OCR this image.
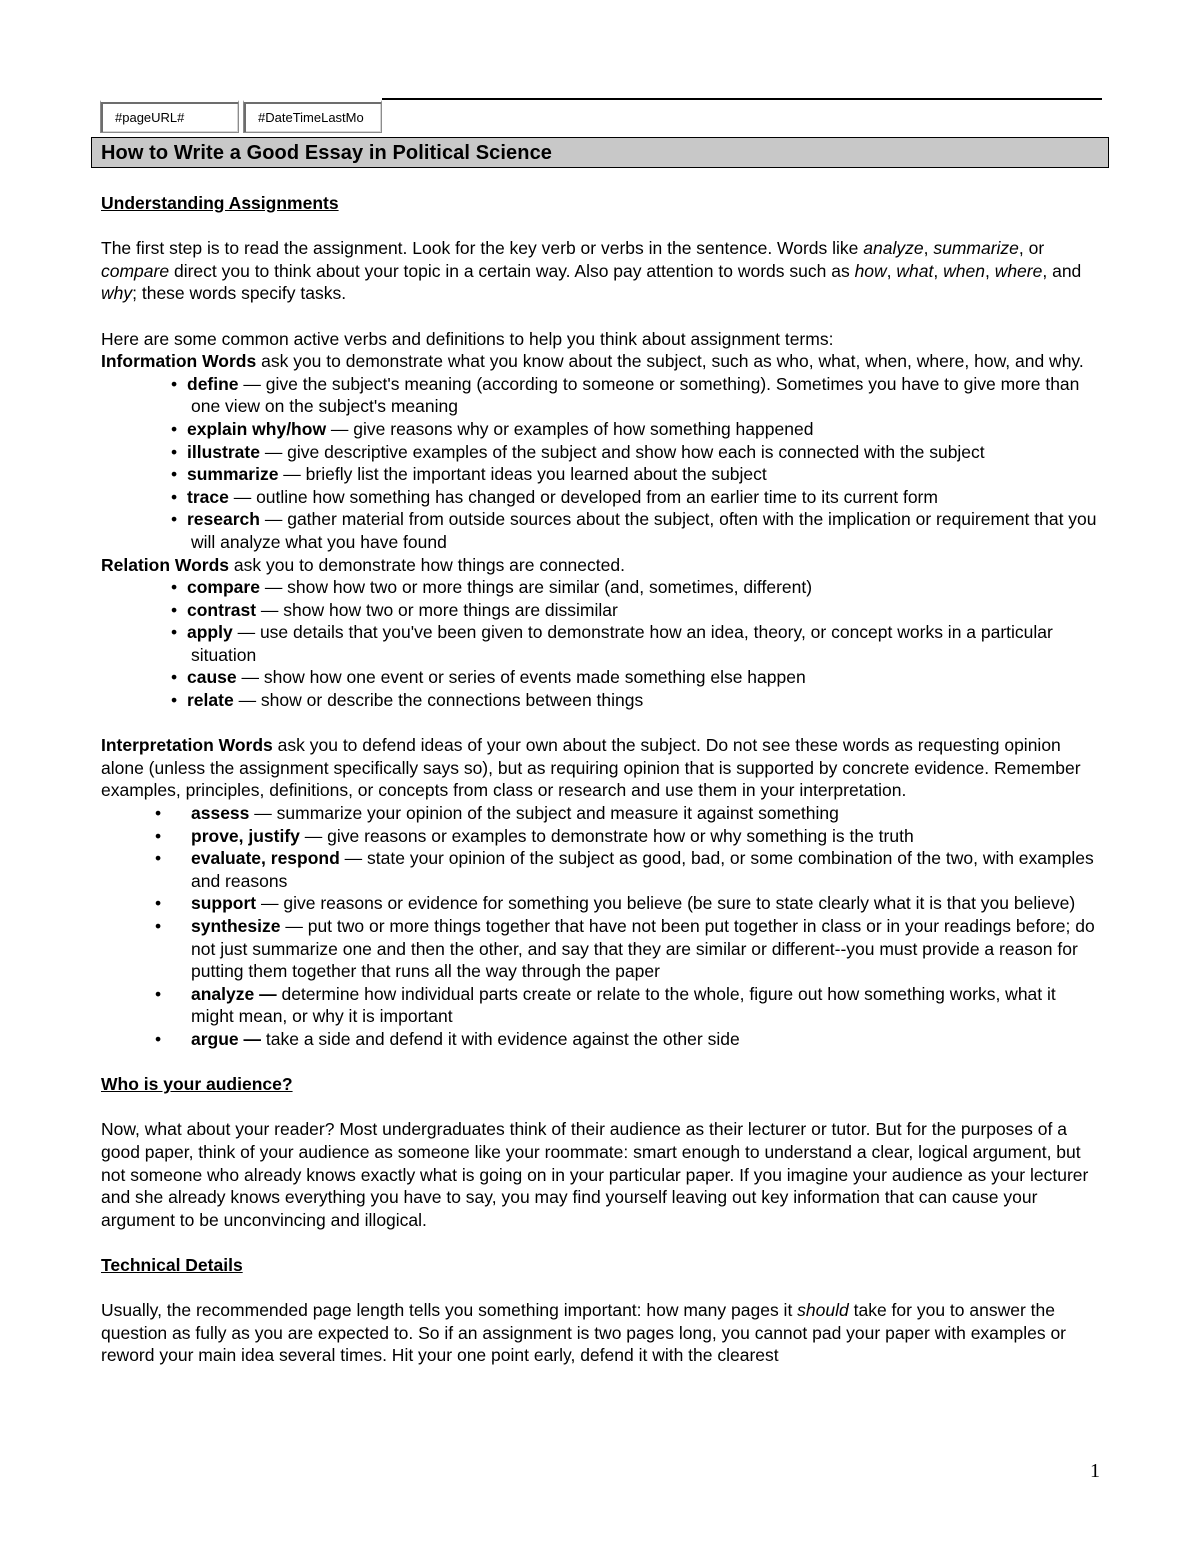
#pageURL#	#DateTimeLastMo
How to Write a Good Essay in Political Science
Understanding Assignments

The first step is to read the assignment. Look for the key verb or verbs in the sentence. Words like analyze, summarize, or compare direct you to think about your topic in a certain way. Also pay attention to words such as how, what, when, where, and why; these words specify tasks.

Here are some common active verbs and definitions to help you think about assignment terms:

Information Words ask you to demonstrate what you know about the subject, such as who, what, when, where, how, and why.

• define — give the subject's meaning (according to someone or something). Sometimes you have to give more than one view on the subject's meaning
• explain why/how — give reasons why or examples of how something happened
• illustrate — give descriptive examples of the subject and show how each is connected with the subject
• summarize — briefly list the important ideas you learned about the subject
• trace — outline how something has changed or developed from an earlier time to its current form
• research — gather material from outside sources about the subject, often with the implication or requirement that you will analyze what you have found

Relation Words ask you to demonstrate how things are connected.

• compare — show how two or more things are similar (and, sometimes, different)
• contrast — show how two or more things are dissimilar
• apply — use details that you've been given to demonstrate how an idea, theory, or concept works in a particular situation
• cause — show how one event or series of events made something else happen
• relate — show or describe the connections between things

Interpretation Words ask you to defend ideas of your own about the subject. Do not see these words as requesting opinion alone (unless the assignment specifically says so), but as requiring opinion that is supported by concrete evidence. Remember examples, principles, definitions, or concepts from class or research and use them in your interpretation.

• assess — summarize your opinion of the subject and measure it against something
• prove, justify — give reasons or examples to demonstrate how or why something is the truth
• evaluate, respond — state your opinion of the subject as good, bad, or some combination of the two, with examples and reasons
• support — give reasons or evidence for something you believe (be sure to state clearly what it is that you believe)
• synthesize — put two or more things together that have not been put together in class or in your readings before; do not just summarize one and then the other, and say that they are similar or different--you must provide a reason for putting them together that runs all the way through the paper
• analyze — determine how individual parts create or relate to the whole, figure out how something works, what it might mean, or why it is important
• argue — take a side and defend it with evidence against the other side
Who is your audience?

Now, what about your reader? Most undergraduates think of their audience as their lecturer or tutor. But for the purposes of a good paper, think of your audience as someone like your roommate: smart enough to understand a clear, logical argument, but not someone who already knows exactly what is going on in your particular paper. If you imagine your audience as your lecturer and she already knows everything you have to say, you may find yourself leaving out key information that can cause your argument to be unconvincing and illogical.

Technical Details

Usually, the recommended page length tells you something important: how many pages it should take for you to answer the question as fully as you are expected to. So if an assignment is two pages long, you cannot pad your paper with examples or reword your main idea several times. Hit your one point early, defend it with the clearest

1
